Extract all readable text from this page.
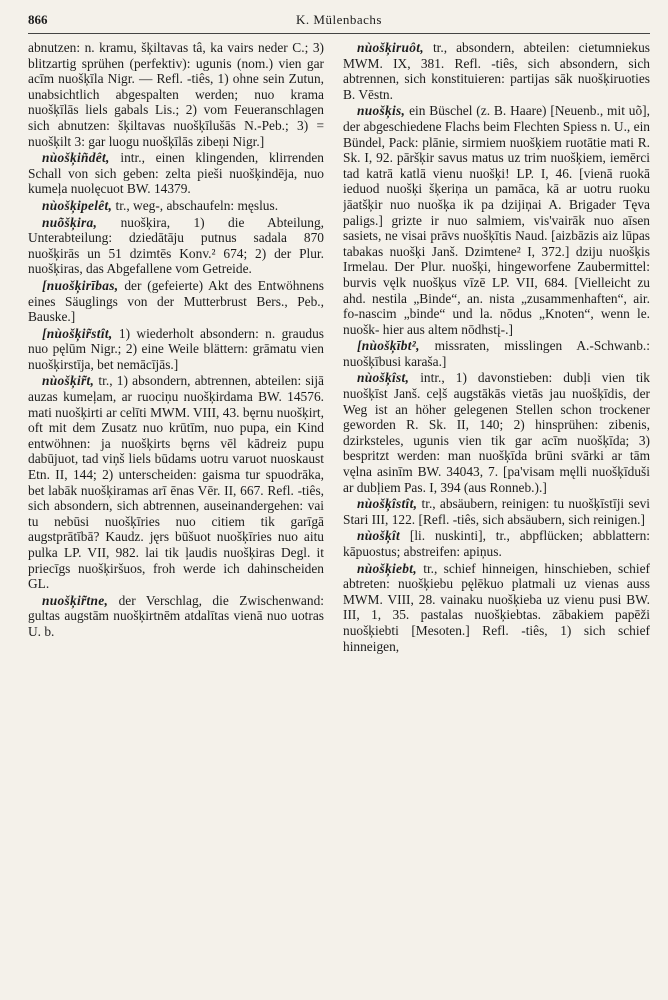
866	K. Mülenbachs

abnutzen: n. kramu, šķiltavas tâ, ka vairs neder C.; 3) blitzartig sprühen (perfektiv): ugunis (nom.) vien gar acīm nuošķīla Nigr. — Refl. -tiês, 1) ohne sein Zutun, unabsichtlich abgespalten werden; nuo krama nuošķīlās liels gabals Lis.; 2) vom Feueranschlagen sich abnutzen: šķiltavas nuošķīlušās N.-Peb.; 3) = nuošķilt 3: gar luogu nuošķīlās zibeņi Nigr.]

nùošķiñdêt, intr., einen klingenden, klirrenden Schall von sich geben: zelta pieši nuošķindēja, nuo kumeļa nuolęcuot BW. 14379.

nùošķipelêt, tr., weg-, abschaufeln: męslus.

nuõšķira, nuošķira, 1) die Abteilung, Unterabteilung: dziedātāju putnus sadala 870 nuošķirās un 51 dzimtēs Konv.² 674; 2) der Plur. nuošķiras, das Abgefallene vom Getreide.

[nuošķirības, der (gefeierte) Akt des Entwöhnens eines Säuglings von der Mutterbrust Bers., Peb., Bauske.]

[nùošķir̃stît, 1) wiederholt absondern: n. graudus nuo pęlūm Nigr.; 2) eine Weile blättern: grāmatu vien nuošķirstīja, bet nemācījās.]

nùošķir̃t, tr., 1) absondern, abtrennen, abteilen: sijā auzas kumeļam, ar ruociņu nuošķirdama BW. 14576. mati nuošķirti ar celīti MWM. VIII, 43. bęrnu nuošķirt, oft mit dem Zusatz nuo krūtīm, nuo pupa, ein Kind entwöhnen: ja nuošķirts bęrns vēl kādreiz pupu dabūjuot, tad viņš liels būdams uotru varuot nuoskaust Etn. II, 144; 2) unterscheiden: gaisma tur spuodrāka, bet labāk nuošķiramas arī ēnas Vēr. II, 667. Refl. -tiês, sich absondern, sich abtrennen, auseinandergehen: vai tu nebūsi nuošķīries nuo citiem tik garīgā augstprātībā? Kaudz. jęrs būšuot nuošķīries nuo aitu pulka LP. VII, 982. lai tik ļaudis nuošķiras Degl. it priecīgs nuošķiršuos, froh werde ich dahinscheiden GL.

nuošķir̃tne, der Verschlag, die Zwischenwand: gultas augstām nuošķirtnēm atdalītas vienā nuo uotras U. b.

nùošķiruôt, tr., absondern, abteilen: cietumniekus MWM. IX, 381. Refl. -tiês, sich absondern, sich abtrennen, sich konstituieren: partijas sāk nuošķiruoties B. Vēstn.

nuošķis, ein Büschel (z. B. Haare) [Neuenb., mit uõ], der abgeschiedene Flachs beim Flechten Spiess n. U., ein Bündel, Pack: plānie, sirmiem nuošķiem ruotātie mati R. Sk. I, 92. pāršķir savus matus uz trim nuošķiem, iemērci tad katrā katlā vienu nuošķi! LP. I, 46. [vienā ruokā ieduod nuošķi šķeriņa un pamāca, kā ar uotru ruoku jāatšķir nuo nuošķa ik pa dzijiņai A. Brigader Tęva paligs.] grizte ir nuo salmiem, vis'vairāk nuo aīsen sasiets, ne visai prāvs nuošķītis Naud. [aizbāzis aiz lūpas tabakas nuošķi Janš. Dzimtene² I, 372.] dziju nuošķis Irmelau. Der Plur. nuošķi, hingeworfene Zaubermittel: burvis vęlk nuošķus vīzē LP. VII, 684. [Vielleicht zu ahd. nestila „Binde“, an. nista „zusammenhaften“, air. fo-nascim „binde“ und la. nōdus „Knoten“, wenn le. nuošk- hier aus altem nōdhstį-.]

[nùošķībt², missraten, misslingen A.-Schwanb.: nuošķībusi karaša.]

nùošķîst, intr., 1) davonstieben: dubļi vien tik nuošķīst Janš. ceļš augstākās vietās jau nuošķīdis, der Weg ist an höher gelegenen Stellen schon trockener geworden R. Sk. II, 140; 2) hinsprühen: zibenis, dzirksteles, ugunis vien tik gar acīm nuošķīda; 3) bespritzt werden: man nuošķīda brūni svārki ar tām vęlna asinīm BW. 34043, 7. [pa'visam męlli nuošķīduši ar dubļiem Pas. I, 394 (aus Ronneb.).]

nùošķîstît, tr., absäubern, reinigen: tu nuošķīstīji sevi Stari III, 122. [Refl. -tiês, sich absäubern, sich reinigen.]

nùošķît [li. nuskinti], tr., abpflücken; abblattern: kāpuostus; abstreifen: apiņus.

nùošķiebt, tr., schief hinneigen, hinschieben, schief abtreten: nuošķiebu pęlēkuo platmali uz vienas auss MWM. VIII, 28. vainaku nuošķieba uz vienu pusi BW. III, 1, 35. pastalas nuošķiebtas. zābakiem papēži nuošķiebti [Mesoten.] Refl. -tiês, 1) sich schief hinneigen,
